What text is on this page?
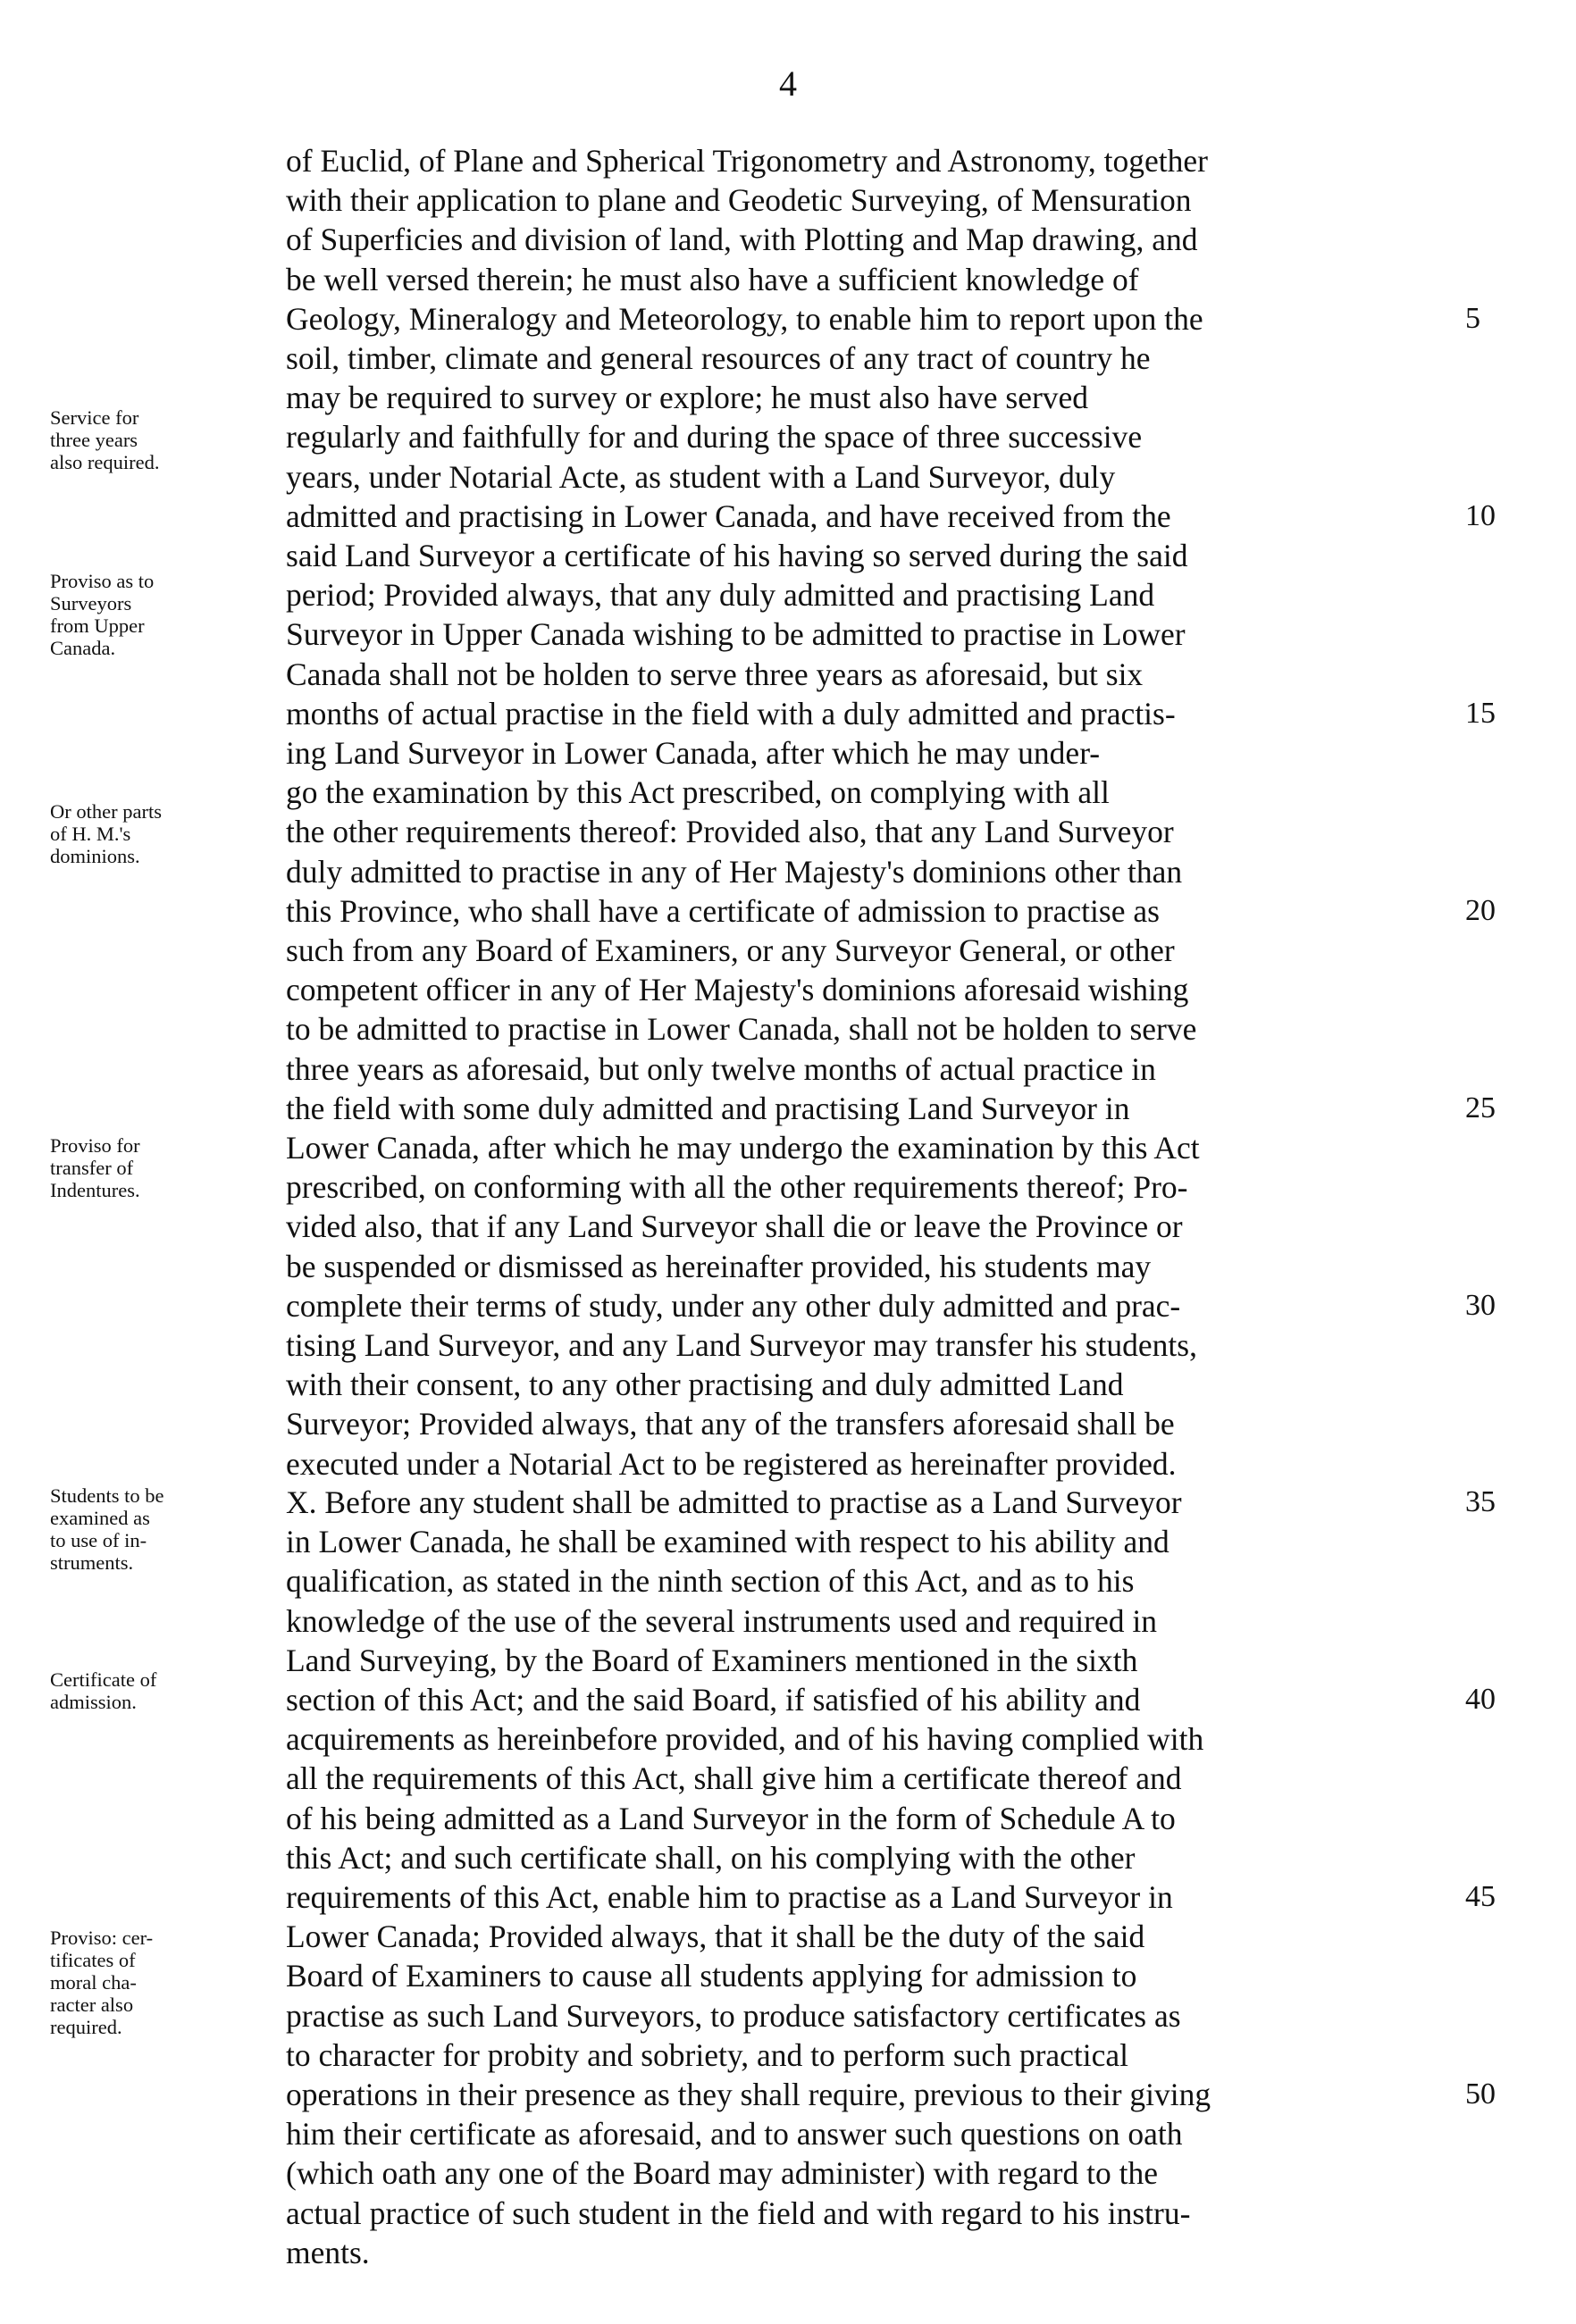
4
of Euclid, of Plane and Spherical Trigonometry and Astronomy, together
with their application to plane and Geodetic Surveying, of Mensuration
of Superficies and division of land, with Plotting and Map drawing, and
be well versed therein; he must also have a sufficient knowledge of
Geology, Mineralogy and Meteorology, to enable him to report upon the
soil, timber, climate and general resources of any tract of country he
may be required to survey or explore; he must also have served
regularly and faithfully for and during the space of three successive
years, under Notarial Acte, as student with a Land Surveyor, duly
admitted and practising in Lower Canada, and have received from the
said Land Surveyor a certificate of his having so served during the said
period; Provided always, that any duly admitted and practising Land
Surveyor in Upper Canada wishing to be admitted to practise in Lower
Canada shall not be holden to serve three years as aforesaid, but six
months of actual practise in the field with a duly admitted and practis-
ing Land Surveyor in Lower Canada, after which he may under-
go the examination by this Act prescribed, on complying with all
the other requirements thereof: Provided also, that any Land Surveyor
duly admitted to practise in any of Her Majesty's dominions other than
this Province, who shall have a certificate of admission to practise as
such from any Board of Examiners, or any Surveyor General, or other
competent officer in any of Her Majesty's dominions aforesaid wishing
to be admitted to practise in Lower Canada, shall not be holden to serve
three years as aforesaid, but only twelve months of actual practice in
the field with some duly admitted and practising Land Surveyor in
Lower Canada, after which he may undergo the examination by this Act
prescribed, on conforming with all the other requirements thereof; Pro-
vided also, that if any Land Surveyor shall die or leave the Province or
be suspended or dismissed as hereinafter provided, his students may
complete their terms of study, under any other duly admitted and prac-
tising Land Surveyor, and any Land Surveyor may transfer his students,
with their consent, to any other practising and duly admitted Land
Surveyor; Provided always, that any of the transfers aforesaid shall be
executed under a Notarial Act to be registered as hereinafter provided.
5
10
15
20
25
30
X. Before any student shall be admitted to practise as a Land Surveyor
in Lower Canada, he shall be examined with respect to his ability and
qualification, as stated in the ninth section of this Act, and as to his
knowledge of the use of the several instruments used and required in
Land Surveying, by the Board of Examiners mentioned in the sixth
section of this Act; and the said Board, if satisfied of his ability and
acquirements as hereinbefore provided, and of his having complied with
all the requirements of this Act, shall give him a certificate thereof and
of his being admitted as a Land Surveyor in the form of Schedule A to
this Act; and such certificate shall, on his complying with the other
requirements of this Act, enable him to practise as a Land Surveyor in
Lower Canada; Provided always, that it shall be the duty of the said
Board of Examiners to cause all students applying for admission to
practise as such Land Surveyors, to produce satisfactory certificates as
to character for probity and sobriety, and to perform such practical
operations in their presence as they shall require, previous to their giving
him their certificate as aforesaid, and to answer such questions on oath
(which oath any one of the Board may administer) with regard to the
actual practice of such student in the field and with regard to his instru-
ments.
35
40
45
50
Service for
three years
also required.
Proviso as to
Surveyors
from Upper
Canada.
Or other parts
of H. M.'s
dominions.
Proviso for
transfer of
Indentures.
Students to be
examined as
to use of in-
struments.
Certificate of
admission.
Proviso: cer-
tificates of
moral cha-
racter also
required.
